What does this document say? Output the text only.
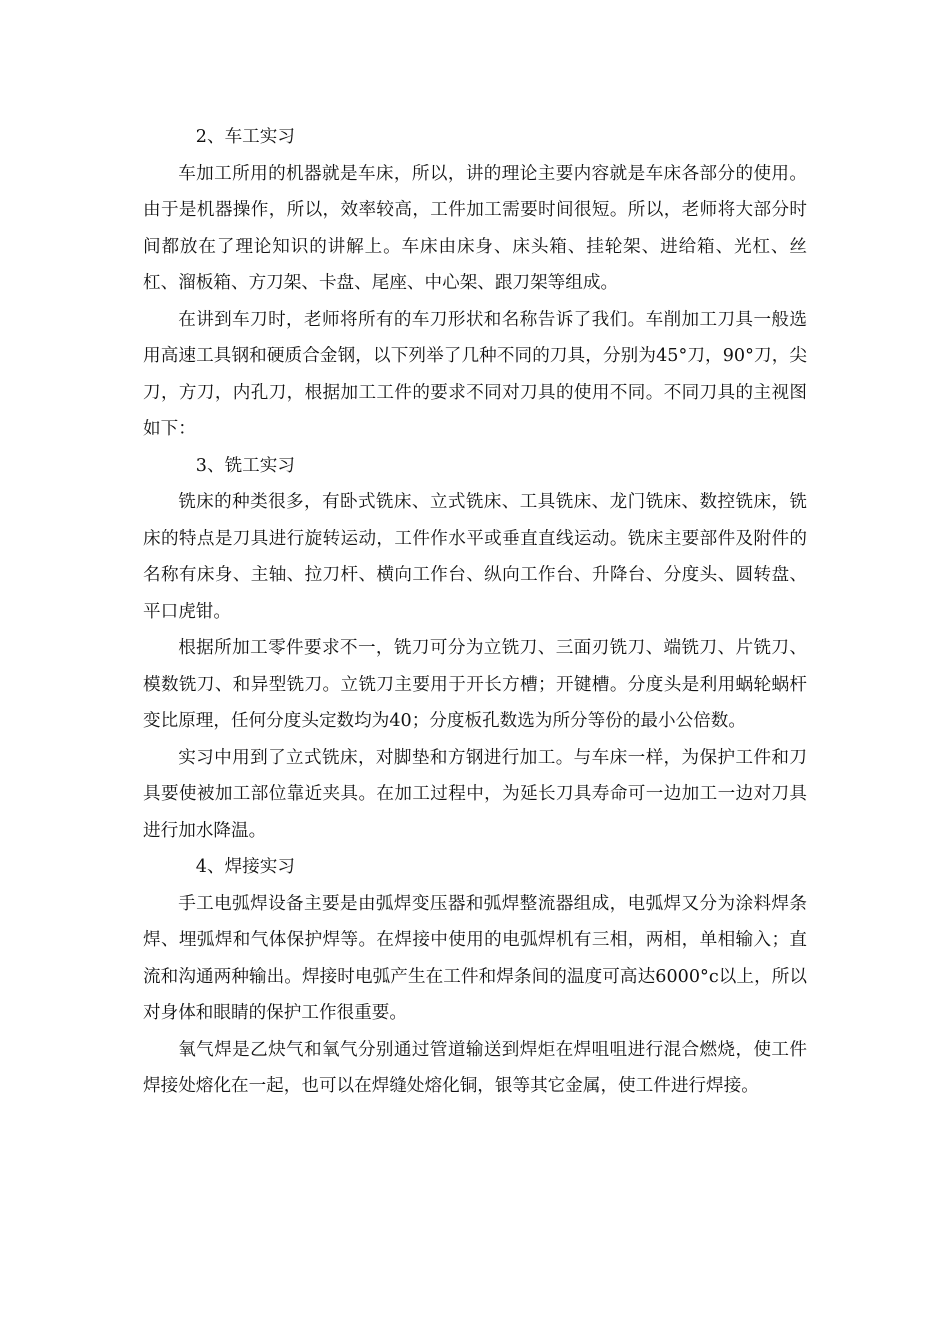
2、车工实习

车加工所用的机器就是车床，所以，讲的理论主要内容就是车床各部分的使用。由于是机器操作，所以，效率较高，工件加工需要时间很短。所以，老师将大部分时间都放在了理论知识的讲解上。车床由床身、床头箱、挂轮架、进给箱、光杠、丝杠、溜板箱、方刀架、卡盘、尾座、中心架、跟刀架等组成。

在讲到车刀时，老师将所有的车刀形状和名称告诉了我们。车削加工刀具一般选用高速工具钢和硬质合金钢，以下列举了几种不同的刀具，分别为45°刀，90°刀，尖刀，方刀，内孔刀，根据加工工件的要求不同对刀具的使用不同。不同刀具的主视图如下：

3、铣工实习

铣床的种类很多，有卧式铣床、立式铣床、工具铣床、龙门铣床、数控铣床，铣床的特点是刀具进行旋转运动，工件作水平或垂直直线运动。铣床主要部件及附件的名称有床身、主轴、拉刀杆、横向工作台、纵向工作台、升降台、分度头、圆转盘、平口虎钳。

根据所加工零件要求不一，铣刀可分为立铣刀、三面刃铣刀、端铣刀、片铣刀、模数铣刀、和异型铣刀。立铣刀主要用于开长方槽；开键槽。分度头是利用蜗轮蜗杆变比原理，任何分度头定数均为40；分度板孔数选为所分等份的最小公倍数。

实习中用到了立式铣床，对脚垫和方钢进行加工。与车床一样，为保护工件和刀具要使被加工部位靠近夹具。在加工过程中，为延长刀具寿命可一边加工一边对刀具进行加水降温。

4、焊接实习

手工电弧焊设备主要是由弧焊变压器和弧焊整流器组成，电弧焊又分为涂料焊条焊、埋弧焊和气体保护焊等。在焊接中使用的电弧焊机有三相，两相，单相输入；直流和沟通两种输出。焊接时电弧产生在工件和焊条间的温度可高达6000°c以上，所以对身体和眼睛的保护工作很重要。

氧气焊是乙炔气和氧气分别通过管道输送到焊炬在焊咀咀进行混合燃烧，使工件焊接处熔化在一起，也可以在焊缝处熔化铜，银等其它金属，使工件进行焊接。
